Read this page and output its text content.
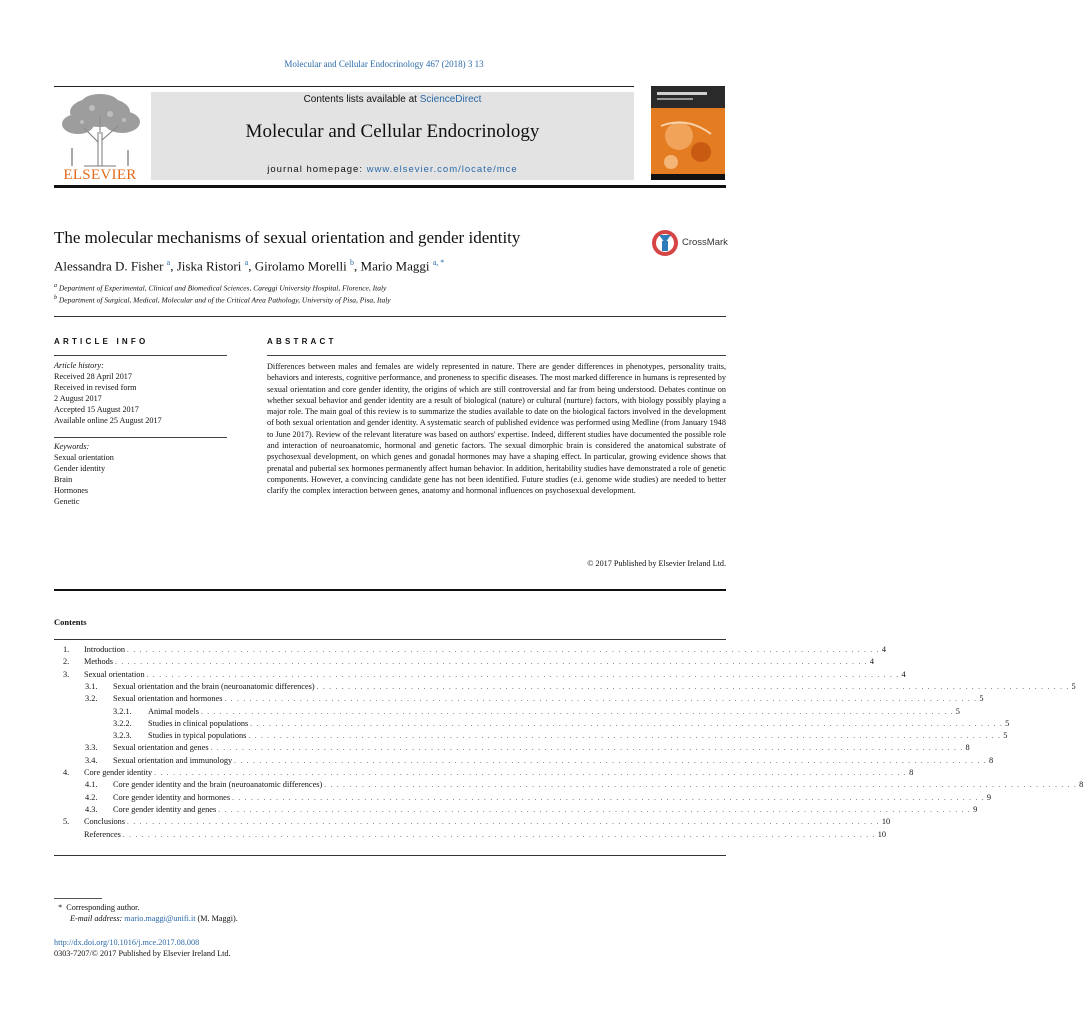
Molecular and Cellular Endocrinology 467 (2018) 3 13
ELSEVIER
Contents lists available at ScienceDirect
Molecular and Cellular Endocrinology
journal homepage: www.elsevier.com/locate/mce
The molecular mechanisms of sexual orientation and gender identity	CrossMark
Alessandra D. Fisher $^a$, Jiska Ristori $^a$, Girolamo Morelli $^b$, Mario Maggi $^{a, *}$
$^a$ Department of Experimental, Clinical and Biomedical Sciences, Careggi University Hospital, Florence, Italy
$^b$ Department of Surgical, Medical, Molecular and of the Critical Area Pathology, University of Pisa, Pisa, Italy
ARTICLE INFO	ABSTRACT
Article history:
Received 28 April 2017
Received in revised form
2 August 2017
Accepted 15 August 2017
Available online 25 August 2017
Keywords:
Sexual orientation
Gender identity
Brain
Hormones
Genetic
Differences between males and females are widely represented in nature. There are gender differences in phenotypes, personality traits, behaviors and interests, cognitive performance, and proneness to specific diseases. The most marked difference in humans is represented by sexual orientation and core gender identity, the origins of which are still controversial and far from being understood. Debates continue on whether sexual behavior and gender identity are a result of biological (nature) or cultural (nurture) factors, with biology possibly playing a major role. The main goal of this review is to summarize the studies available to date on the biological factors involved in the development of both sexual orientation and gender identity. A systematic search of published evidence was performed using Medline (from January 1948 to June 2017). Review of the relevant literature was based on authors' expertise. Indeed, different studies have documented the possible role and interaction of neuroanatomic, hormonal and genetic factors. The sexual dimorphic brain is considered the anatomical substrate of psychosexual development, on which genes and gonadal hormones may have a shaping effect. In particular, growing evidence shows that prenatal and pubertal sex hormones permanently affect human behavior. In addition, heritability studies have demonstrated a role of genetic components. However, a convincing candidate gene has not been identified. Future studies (e.i. genome wide studies) are needed to better clarify the complex interaction between genes, anatomy and hormonal influences on psychosexual development.
© 2017 Published by Elsevier Ireland Ltd.
Contents
1.	Introduction . . . . . . . . . . . . . . . . . . . . . . . . . . . . . . . . . . . . . . . . . . . . . . . . . . . . . . . . . . . . . . . . . . . . . . . . . . . . . . . . . . . . . . . . . . . . . . . . . . . . . . . . . . . . . . . . . . . . . . . . 4
2.	Methods . . . . . . . . . . . . . . . . . . . . . . . . . . . . . . . . . . . . . . . . . . . . . . . . . . . . . . . . . . . . . . . . . . . . . . . . . . . . . . . . . . . . . . . . . . . . . . . . . . . . . . . . . . . . . . . . . . . . . . . . 4
3.	Sexual orientation . . . . . . . . . . . . . . . . . . . . . . . . . . . . . . . . . . . . . . . . . . . . . . . . . . . . . . . . . . . . . . . . . . . . . . . . . . . . . . . . . . . . . . . . . . . . . . . . . . . . . . . . . . . . . . . . . . . . . . . . 4
3.1.	Sexual orientation and the brain (neuroanatomic differences) . . . . . . . . . . . . . . . . . . . . . . . . . . . . . . . . . . . . . . . . . . . . . . . . . . . . . . . . . . . . . . . . . . . . . . . . . . . . . . . . . . . . . . . . . . . . . . . . . . . . . . . . . . . . . . . . . . . . . . . . 5
3.2.	Sexual orientation and hormones . . . . . . . . . . . . . . . . . . . . . . . . . . . . . . . . . . . . . . . . . . . . . . . . . . . . . . . . . . . . . . . . . . . . . . . . . . . . . . . . . . . . . . . . . . . . . . . . . . . . . . . . . . . . . . . . . . . . . . . . 5
3.2.1.	Animal models . . . . . . . . . . . . . . . . . . . . . . . . . . . . . . . . . . . . . . . . . . . . . . . . . . . . . . . . . . . . . . . . . . . . . . . . . . . . . . . . . . . . . . . . . . . . . . . . . . . . . . . . . . . . . . . . . . . . . . . . 5
3.2.2.	Studies in clinical populations . . . . . . . . . . . . . . . . . . . . . . . . . . . . . . . . . . . . . . . . . . . . . . . . . . . . . . . . . . . . . . . . . . . . . . . . . . . . . . . . . . . . . . . . . . . . . . . . . . . . . . . . . . . . . . . . . . . . . . . . 5
3.2.3.	Studies in typical populations . . . . . . . . . . . . . . . . . . . . . . . . . . . . . . . . . . . . . . . . . . . . . . . . . . . . . . . . . . . . . . . . . . . . . . . . . . . . . . . . . . . . . . . . . . . . . . . . . . . . . . . . . . . . . . . . . . . . . . . . 5
3.3.	Sexual orientation and genes . . . . . . . . . . . . . . . . . . . . . . . . . . . . . . . . . . . . . . . . . . . . . . . . . . . . . . . . . . . . . . . . . . . . . . . . . . . . . . . . . . . . . . . . . . . . . . . . . . . . . . . . . . . . . . . . . . . . . . . . 8
3.4.	Sexual orientation and immunology . . . . . . . . . . . . . . . . . . . . . . . . . . . . . . . . . . . . . . . . . . . . . . . . . . . . . . . . . . . . . . . . . . . . . . . . . . . . . . . . . . . . . . . . . . . . . . . . . . . . . . . . . . . . . . . . . . . . . . . . 8
4.	Core gender identity . . . . . . . . . . . . . . . . . . . . . . . . . . . . . . . . . . . . . . . . . . . . . . . . . . . . . . . . . . . . . . . . . . . . . . . . . . . . . . . . . . . . . . . . . . . . . . . . . . . . . . . . . . . . . . . . . . . . . . . . 8
4.1.	Core gender identity and the brain (neuroanatomic differences) . . . . . . . . . . . . . . . . . . . . . . . . . . . . . . . . . . . . . . . . . . . . . . . . . . . . . . . . . . . . . . . . . . . . . . . . . . . . . . . . . . . . . . . . . . . . . . . . . . . . . . . . . . . . . . . . . . . . . . . . 8
4.2.	Core gender identity and hormones . . . . . . . . . . . . . . . . . . . . . . . . . . . . . . . . . . . . . . . . . . . . . . . . . . . . . . . . . . . . . . . . . . . . . . . . . . . . . . . . . . . . . . . . . . . . . . . . . . . . . . . . . . . . . . . . . . . . . . . . 9
4.3.	Core gender identity and genes . . . . . . . . . . . . . . . . . . . . . . . . . . . . . . . . . . . . . . . . . . . . . . . . . . . . . . . . . . . . . . . . . . . . . . . . . . . . . . . . . . . . . . . . . . . . . . . . . . . . . . . . . . . . . . . . . . . . . . . . 9
5.	Conclusions . . . . . . . . . . . . . . . . . . . . . . . . . . . . . . . . . . . . . . . . . . . . . . . . . . . . . . . . . . . . . . . . . . . . . . . . . . . . . . . . . . . . . . . . . . . . . . . . . . . . . . . . . . . . . . . . . . . . . . . . 10
References . . . . . . . . . . . . . . . . . . . . . . . . . . . . . . . . . . . . . . . . . . . . . . . . . . . . . . . . . . . . . . . . . . . . . . . . . . . . . . . . . . . . . . . . . . . . . . . . . . . . . . . . . . . . . . . . . . . . . . . . 10
* Corresponding author.
E-mail address: mario.maggi@unifi.it (M. Maggi).
http://dx.doi.org/10.1016/j.mce.2017.08.008
0303-7207/© 2017 Published by Elsevier Ireland Ltd.
